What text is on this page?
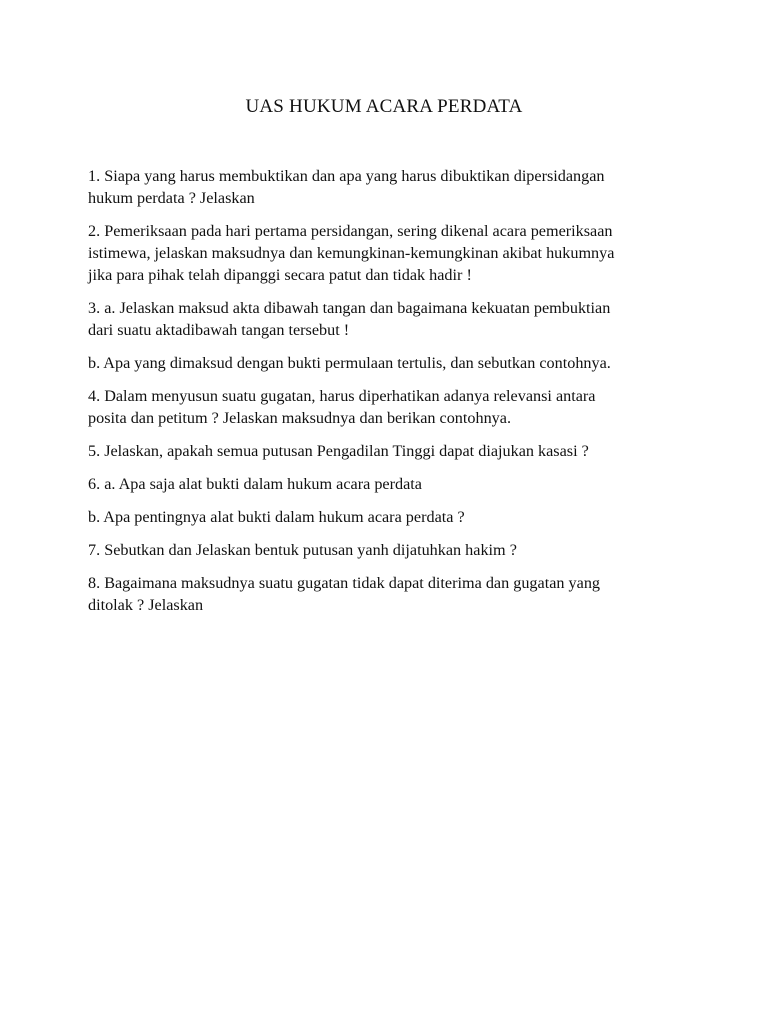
UAS HUKUM ACARA PERDATA

1. Siapa yang harus membuktikan dan apa yang harus dibuktikan dipersidangan
hukum perdata ? Jelaskan

2. Pemeriksaan pada hari pertama persidangan, sering dikenal acara pemeriksaan
istimewa, jelaskan maksudnya dan kemungkinan-kemungkinan akibat hukumnya
jika para pihak telah dipanggi secara patut dan tidak hadir !

3. a. Jelaskan maksud akta dibawah tangan dan bagaimana kekuatan pembuktian
dari suatu aktadibawah tangan tersebut !

b. Apa yang dimaksud dengan bukti permulaan tertulis, dan sebutkan contohnya.

4. Dalam menyusun suatu gugatan, harus diperhatikan adanya relevansi antara
posita dan petitum ? Jelaskan maksudnya dan berikan contohnya.

5. Jelaskan, apakah semua putusan Pengadilan Tinggi dapat diajukan kasasi ?

6. a. Apa saja alat bukti dalam hukum acara perdata

b. Apa pentingnya alat bukti dalam hukum acara perdata ?

7. Sebutkan dan Jelaskan bentuk putusan yanh dijatuhkan hakim ?

8. Bagaimana maksudnya suatu gugatan tidak dapat diterima dan gugatan yang
ditolak ? Jelaskan
